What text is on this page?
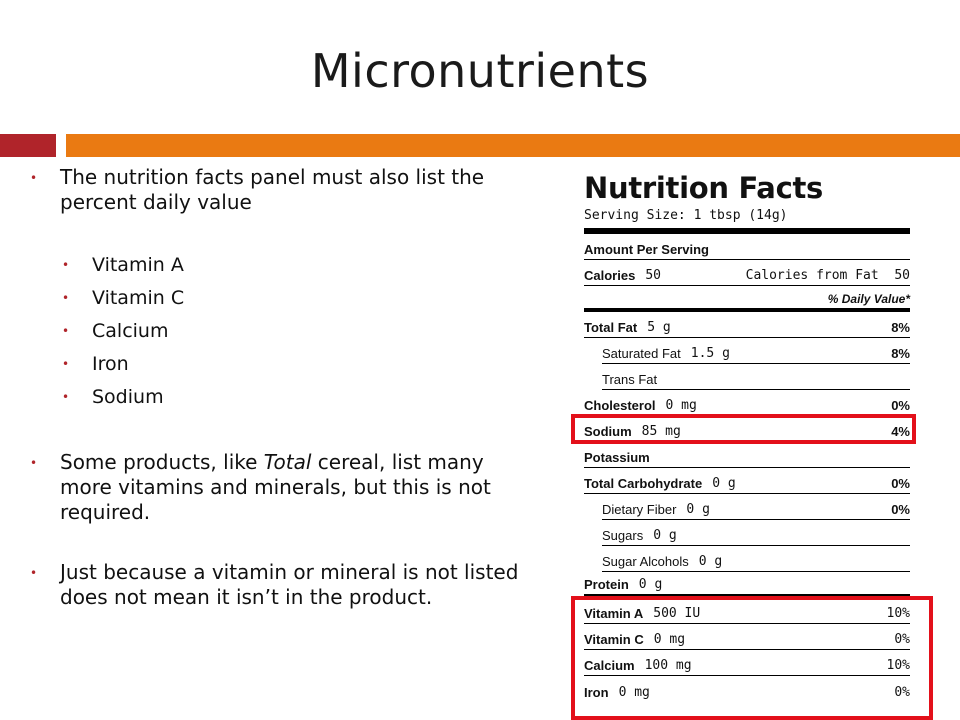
Micronutrients
• The nutrition facts panel must also list the percent daily value
• Vitamin A
• Vitamin C
• Calcium
• Iron
• Sodium
• Some products, like Total cereal, list many more vitamins and minerals, but this is not required.
• Just because a vitamin or mineral is not listed does not mean it isn’t in the product.
Nutrition Facts
Serving Size: 1 tbsp (14g)
Amount Per Serving
Calories 50	Calories from Fat  50
% Daily Value*
Total Fat 5 g	8%
Saturated Fat 1.5 g	8%
Trans Fat
Cholesterol 0 mg	0%
Sodium 85 mg	4%
Potassium
Total Carbohydrate 0 g	0%
Dietary Fiber 0 g	0%
Sugars 0 g
Sugar Alcohols 0 g
Protein 0 g
Vitamin A 500 IU	10%
Vitamin C 0 mg	0%
Calcium 100 mg	10%
Iron 0 mg	0%
